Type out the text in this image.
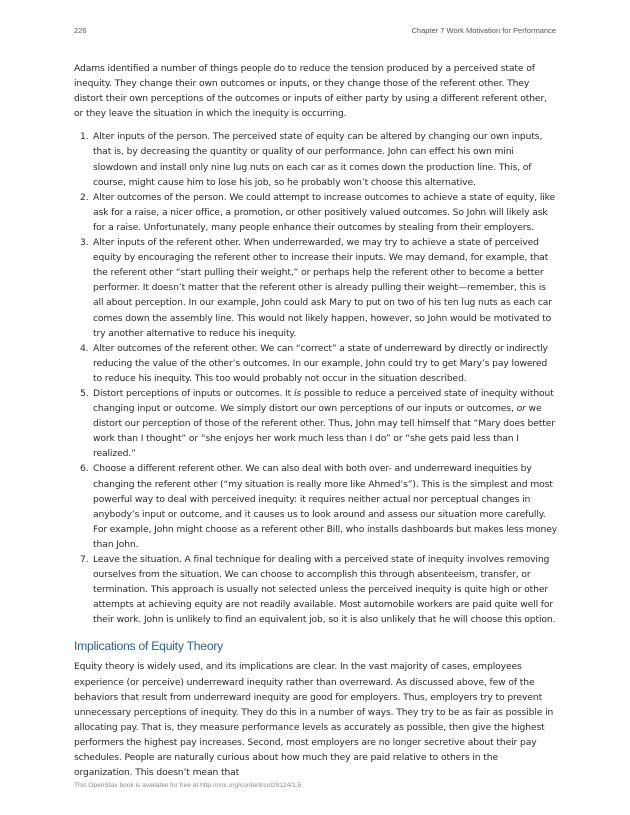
226	Chapter 7 Work Motivation for Performance

Adams identified a number of things people do to reduce the tension produced by a perceived state of inequity. They change their own outcomes or inputs, or they change those of the referent other. They distort their own perceptions of the outcomes or inputs of either party by using a different referent other, or they leave the situation in which the inequity is occurring.

1. Alter inputs of the person. The perceived state of equity can be altered by changing our own inputs, that is, by decreasing the quantity or quality of our performance. John can effect his own mini slowdown and install only nine lug nuts on each car as it comes down the production line. This, of course, might cause him to lose his job, so he probably won’t choose this alternative.
2. Alter outcomes of the person. We could attempt to increase outcomes to achieve a state of equity, like ask for a raise, a nicer office, a promotion, or other positively valued outcomes. So John will likely ask for a raise. Unfortunately, many people enhance their outcomes by stealing from their employers.
3. Alter inputs of the referent other. When underrewarded, we may try to achieve a state of perceived equity by encouraging the referent other to increase their inputs. We may demand, for example, that the referent other “start pulling their weight,” or perhaps help the referent other to become a better performer. It doesn’t matter that the referent other is already pulling their weight—remember, this is all about perception. In our example, John could ask Mary to put on two of his ten lug nuts as each car comes down the assembly line. This would not likely happen, however, so John would be motivated to try another alternative to reduce his inequity.
4. Alter outcomes of the referent other. We can “correct” a state of underreward by directly or indirectly reducing the value of the other’s outcomes. In our example, John could try to get Mary’s pay lowered to reduce his inequity. This too would probably not occur in the situation described.
5. Distort perceptions of inputs or outcomes. It is possible to reduce a perceived state of inequity without changing input or outcome. We simply distort our own perceptions of our inputs or outcomes, or we distort our perception of those of the referent other. Thus, John may tell himself that “Mary does better work than I thought” or “she enjoys her work much less than I do” or “she gets paid less than I realized.”
6. Choose a different referent other. We can also deal with both over- and underreward inequities by changing the referent other (“my situation is really more like Ahmed’s”). This is the simplest and most powerful way to deal with perceived inequity: it requires neither actual nor perceptual changes in anybody’s input or outcome, and it causes us to look around and assess our situation more carefully. For example, John might choose as a referent other Bill, who installs dashboards but makes less money than John.
7. Leave the situation. A final technique for dealing with a perceived state of inequity involves removing ourselves from the situation. We can choose to accomplish this through absenteeism, transfer, or termination. This approach is usually not selected unless the perceived inequity is quite high or other attempts at achieving equity are not readily available. Most automobile workers are paid quite well for their work. John is unlikely to find an equivalent job, so it is also unlikely that he will choose this option.
Implications of Equity Theory

Equity theory is widely used, and its implications are clear. In the vast majority of cases, employees experience (or perceive) underreward inequity rather than overreward. As discussed above, few of the behaviors that result from underreward inequity are good for employers. Thus, employers try to prevent unnecessary perceptions of inequity. They do this in a number of ways. They try to be as fair as possible in allocating pay. That is, they measure performance levels as accurately as possible, then give the highest performers the highest pay increases. Second, most employers are no longer secretive about their pay schedules. People are naturally curious about how much they are paid relative to others in the organization. This doesn’t mean that

This OpenStax book is available for free at http://cnx.org/content/col29124/1.5
